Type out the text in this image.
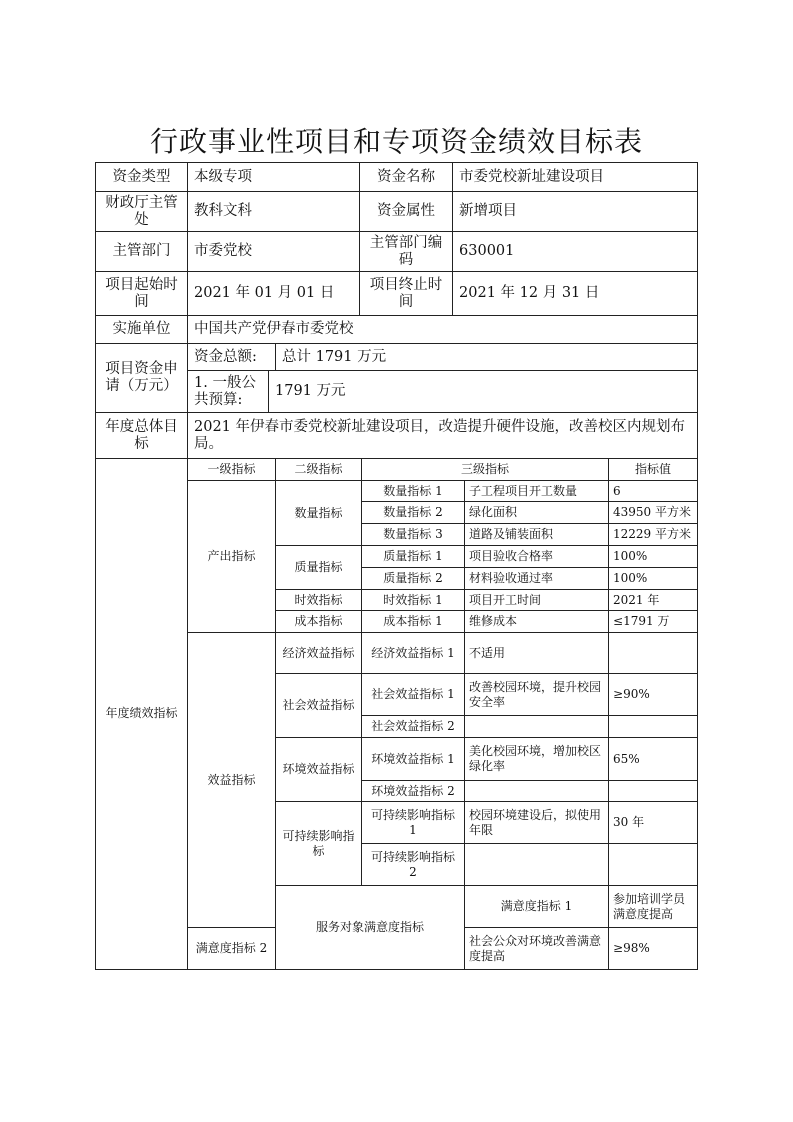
行政事业性项目和专项资金绩效目标表
资金类型	本级专项			资金名称	市委党校新址建设项目
财政厅主管处	教科文科			资金属性	新增项目
主管部门	市委党校			主管部门编码	630001
项目起始时间	2021 年 01 月 01 日			项目终止时间	2021 年 12 月 31 日
实施单位	中国共产党伊春市委党校				
项目资金申请（万元）	资金总额:		总计 1791 万元		
	1. 一般公共预算:	1791 万元			
年度总体目标	2021 年伊春市委党校新址建设项目，改造提升硬件设施，改善校区内规划布局。				
年度绩效指标	一级指标	二级指标	三级指标		指标值	
	产出指标	数量指标	数量指标 1	子工程项目开工数量	6	
			数量指标 2	绿化面积	43950 平方米	
			数量指标 3	道路及铺装面积	12229 平方米	
		质量指标	质量指标 1	项目验收合格率	100%	
			质量指标 2	材料验收通过率	100%	
		时效指标	时效指标 1	项目开工时间	2021 年	
		成本指标	成本指标 1	维修成本	≤1791 万	
	效益指标	经济效益指标	经济效益指标 1	不适用		
		社会效益指标	社会效益指标 1	改善校园环境，提升校园安全率	≥90%	
			社会效益指标 2			
		环境效益指标	环境效益指标 1	美化校园环境，增加校区绿化率	65%	
			环境效益指标 2			
		可持续影响指标	可持续影响指标 1	校园环境建设后，拟使用年限	30 年	
			可持续影响指标 2			
		服务对象满意度指标		满意度指标 1	参加培训学员满意度提高	
	满意度指标 2			社会公众对环境改善满意度提高	≥98%	
